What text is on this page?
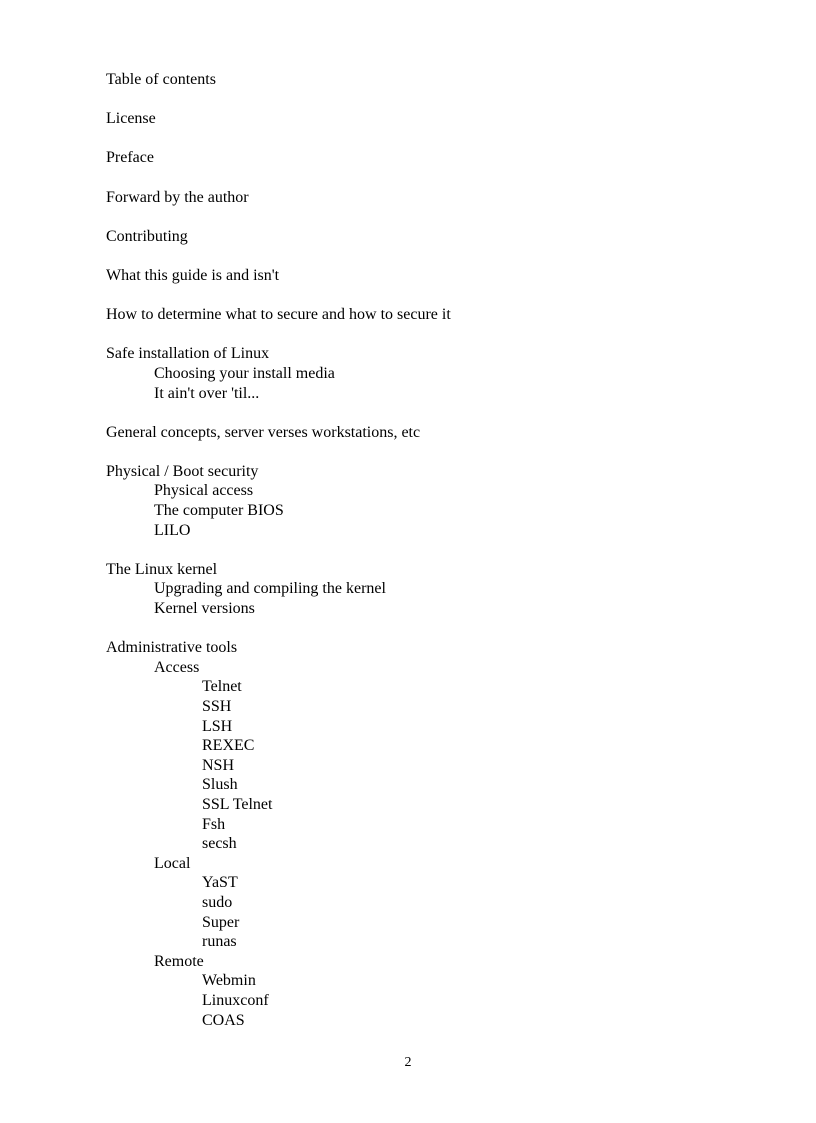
Table of contents
License
Preface
Forward by the author
Contributing
What this guide is and isn't
How to determine what to secure and how to secure it
Safe installation of Linux
Choosing your install media
It ain't over 'til...
General concepts, server verses workstations, etc
Physical / Boot security
Physical access
The computer BIOS
LILO
The Linux kernel
Upgrading and compiling the kernel
Kernel versions
Administrative tools
Access
Telnet
SSH
LSH
REXEC
NSH
Slush
SSL Telnet
Fsh
secsh
Local
YaST
sudo
Super
runas
Remote
Webmin
Linuxconf
COAS
2
